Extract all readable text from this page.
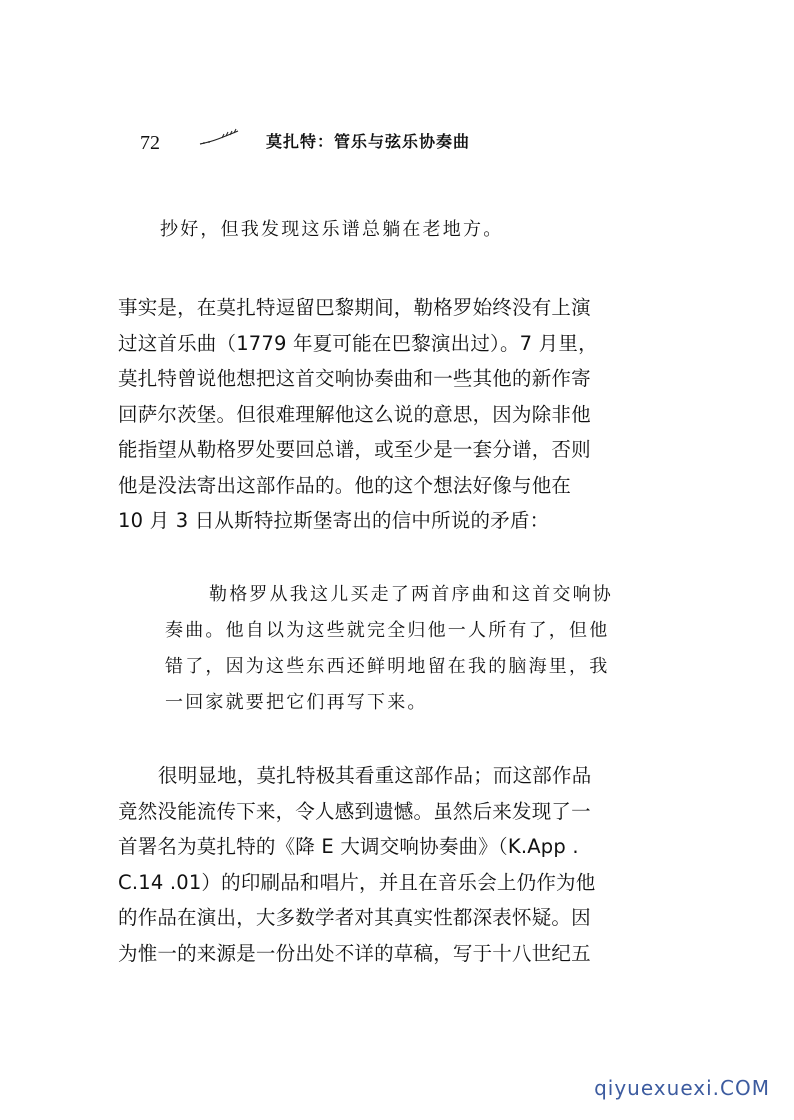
72	莫扎特：管乐与弦乐协奏曲
抄好，但我发现这乐谱总躺在老地方。
事实是，在莫扎特逗留巴黎期间，勒格罗始终没有上演
过这首乐曲（1779 年夏可能在巴黎演出过）。7 月里，
莫扎特曾说他想把这首交响协奏曲和一些其他的新作寄
回萨尔茨堡。但很难理解他这么说的意思，因为除非他
能指望从勒格罗处要回总谱，或至少是一套分谱，否则
他是没法寄出这部作品的。他的这个想法好像与他在
10 月 3 日从斯特拉斯堡寄出的信中所说的矛盾：
勒格罗从我这儿买走了两首序曲和这首交响协
奏曲。他自以为这些就完全归他一人所有了，但他
错了，因为这些东西还鲜明地留在我的脑海里，我
一回家就要把它们再写下来。
很明显地，莫扎特极其看重这部作品；而这部作品
竟然没能流传下来，令人感到遗憾。虽然后来发现了一
首署名为莫扎特的《降 E 大调交响协奏曲》（K.App .
C.14 .01）的印刷品和唱片，并且在音乐会上仍作为他
的作品在演出，大多数学者对其真实性都深表怀疑。因
为惟一的来源是一份出处不详的草稿，写于十八世纪五
qiyuexuexi.COM
